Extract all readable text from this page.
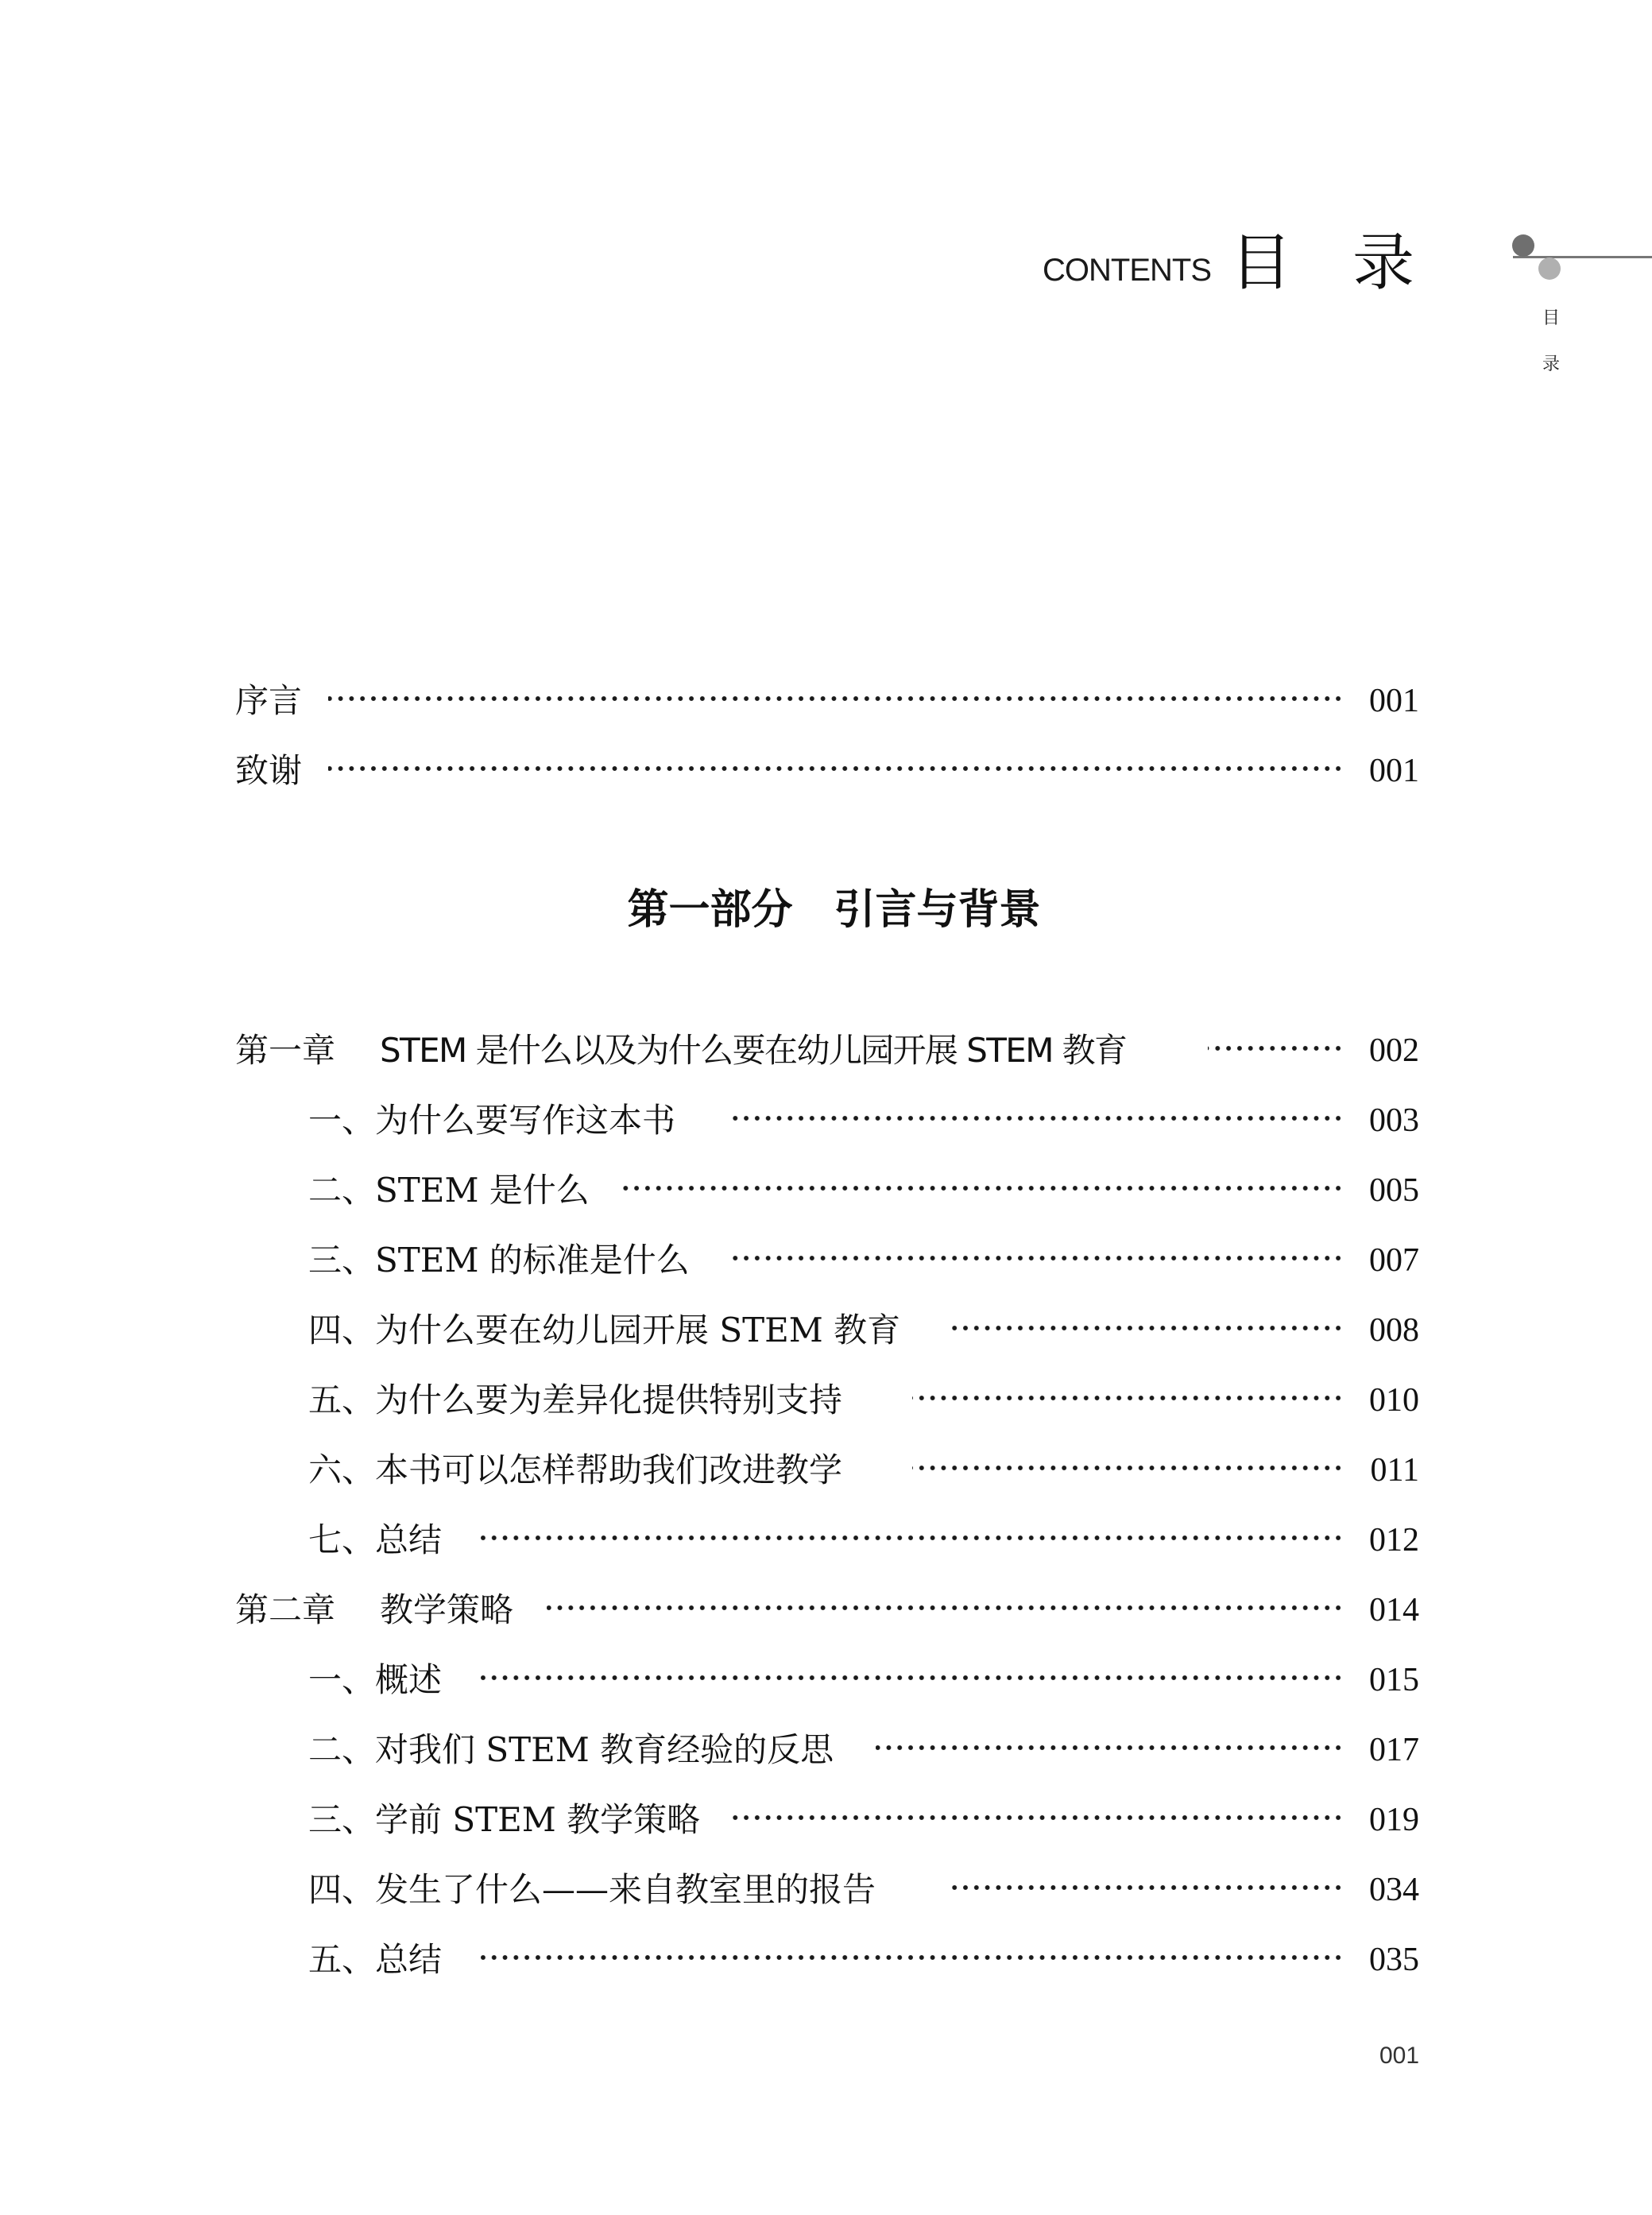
CONTENTS 目录
目
录
序言	001
致谢	001
第一部分　引言与背景
第一章 STEM 是什么以及为什么要在幼儿园开展 STEM 教育	002
一、为什么要写作这本书	003
二、STEM 是什么	005
三、STEM 的标准是什么	007
四、为什么要在幼儿园开展 STEM 教育	008
五、为什么要为差异化提供特别支持	010
六、本书可以怎样帮助我们改进教学	011
七、总结	012
第二章 教学策略	014
一、概述	015
二、对我们 STEM 教育经验的反思	017
三、学前 STEM 教学策略	019
四、发生了什么——来自教室里的报告	034
五、总结	035
001
